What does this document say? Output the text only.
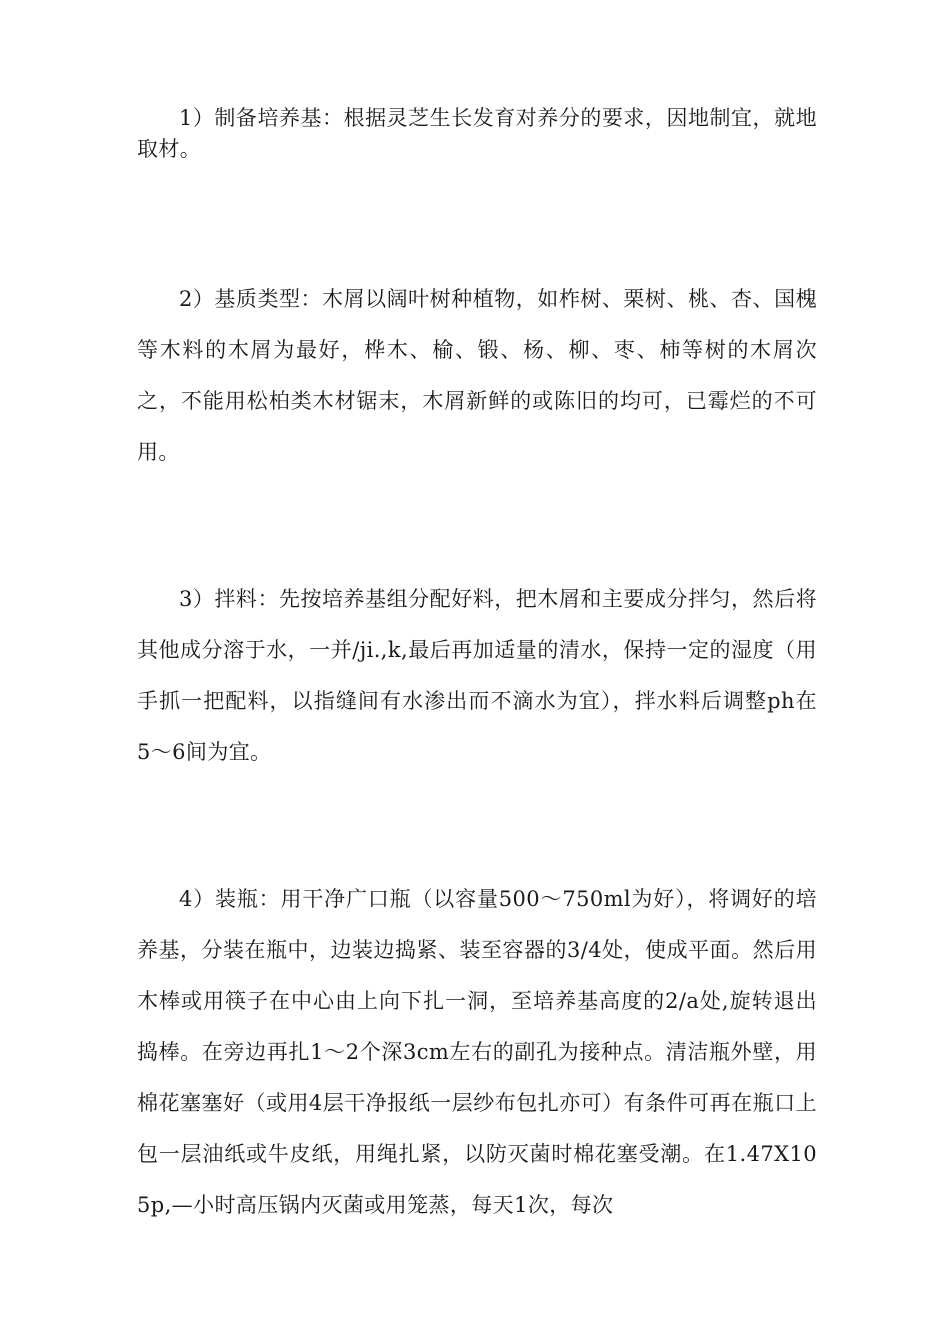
1）制备培养基：根据灵芝生长发育对养分的要求，因地制宜，就地取材。

2）基质类型：木屑以阔叶树种植物，如柞树、栗树、桃、杏、国槐等木料的木屑为最好，桦木、榆、锻、杨、柳、枣、柿等树的木屑次之，不能用松柏类木材锯末，木屑新鲜的或陈旧的均可，已霉烂的不可用。

3）拌料：先按培养基组分配好料，把木屑和主要成分拌匀，然后将其他成分溶于水，一并/ji.,k,最后再加适量的清水，保持一定的湿度（用手抓一把配料，以指缝间有水渗出而不滴水为宜），拌水料后调整ph在5〜6间为宜。

4）装瓶：用干净广口瓶（以容量500〜750ml为好），将调好的培养基，分装在瓶中，边装边捣紧、装至容器的3/4处，使成平面。然后用木棒或用筷子在中心由上向下扎一洞，至培养基高度的2/a处,旋转退出捣棒。在旁边再扎1〜2个深3cm左右的副孔为接种点。清洁瓶外壁，用棉花塞塞好（或用4层干净报纸一层纱布包扎亦可）有条件可再在瓶口上包一层油纸或牛皮纸，用绳扎紧，以防灭菌时棉花塞受潮。在1.47X105p,—小时高压锅内灭菌或用笼蒸，每天1次，每次
